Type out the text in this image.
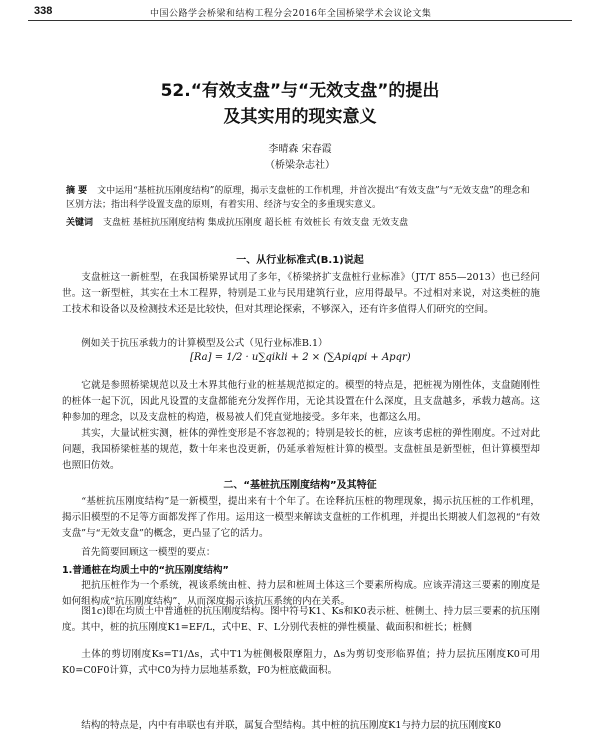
338	中国公路学会桥梁和结构工程分会2016年全国桥梁学术会议论文集
52.“有效支盘”与“无效支盘”的提出
及其实用的现实意义
李晴森 宋春霞
（桥梁杂志社）
摘 要 文中运用“基桩抗压刚度结构”的原理，揭示支盘桩的工作机理，并首次提出“有效支盘”与“无效支盘”的理念和区别方法；指出科学设置支盘的原则，有着实用、经济与安全的多重现实意义。
关键词 支盘桩 基桩抗压刚度结构 集成抗压刚度 超长桩 有效桩长 有效支盘 无效支盘
一、从行业标准式(B.1)说起
支盘桩这一新桩型，在我国桥梁界试用了多年，《桥梁挤扩支盘桩行业标准》（JT/T 855—2013）也已经问世。这一新型桩，其实在土木工程界，特别是工业与民用建筑行业，应用得最早。不过相对来说，对这类桩的施工技术和设备以及检测技术还是比较快，但对其理论探索，不够深入，还有许多值得人们研究的空间。
例如关于抗压承载力的计算模型及公式（见行业标准B.1）
[Ra] = 1/2 · u∑qikli + 2 × (∑Apiqpi + Apqr)
它就是参照桥梁规范以及土木界其他行业的桩基规范拟定的。模型的特点是，把桩视为刚性体，支盘随刚性的桩体一起下沉，因此凡设置的支盘都能充分发挥作用，无论其设置在什么深度，且支盘越多，承载力越高。这种参加的理念，以及支盘桩的构造，极易被人们凭直觉地接受。多年来，也都这么用。
其实，大量试桩实测，桩体的弹性变形是不容忽视的；特别是较长的桩，应该考虑桩的弹性刚度。不过对此问题，我国桥梁桩基的规范，数十年来也没更新，仍延承着短桩计算的模型。支盘桩虽是新型桩，但计算模型却也照旧仿效。
二、“基桩抗压刚度结构”及其特征
“基桩抗压刚度结构”是一新模型，提出来有十个年了。在诠释抗压桩的物理现象，揭示抗压桩的工作机理，揭示旧模型的不足等方面都发挥了作用。运用这一模型来解读支盘桩的工作机理，并提出长期被人们忽视的“有效支盘”与“无效支盘”的概念，更凸显了它的活力。
首先简要回顾这一模型的要点：
1.普通桩在均质土中的“抗压刚度结构”
把抗压桩作为一个系统，视该系统由桩、持力层和桩周土体这三个要素所构成。应该弄清这三要素的刚度是如何组构成“抗压刚度结构”，从而深度揭示该抗压系统的内在关系。
图1c)即在均质土中普通桩的抗压刚度结构。图中符号K1、Ks和K0表示桩、桩侧土、持力层三要素的抗压刚度。其中，桩的抗压刚度K1=EF/L，式中E、F、L分别代表桩的弹性模量、截面积和桩长；桩侧
土体的剪切刚度Ks=T1/Δs，式中T1为桩侧极限摩阻力，Δs为剪切变形临界值；持力层抗压刚度K0可用K0=C0F0计算，式中C0为持力层地基系数，F0为桩底截面积。
结构的特点是，内中有串联也有并联，属复合型结构。其中桩的抗压刚度K1与持力层的抗压刚度K0
